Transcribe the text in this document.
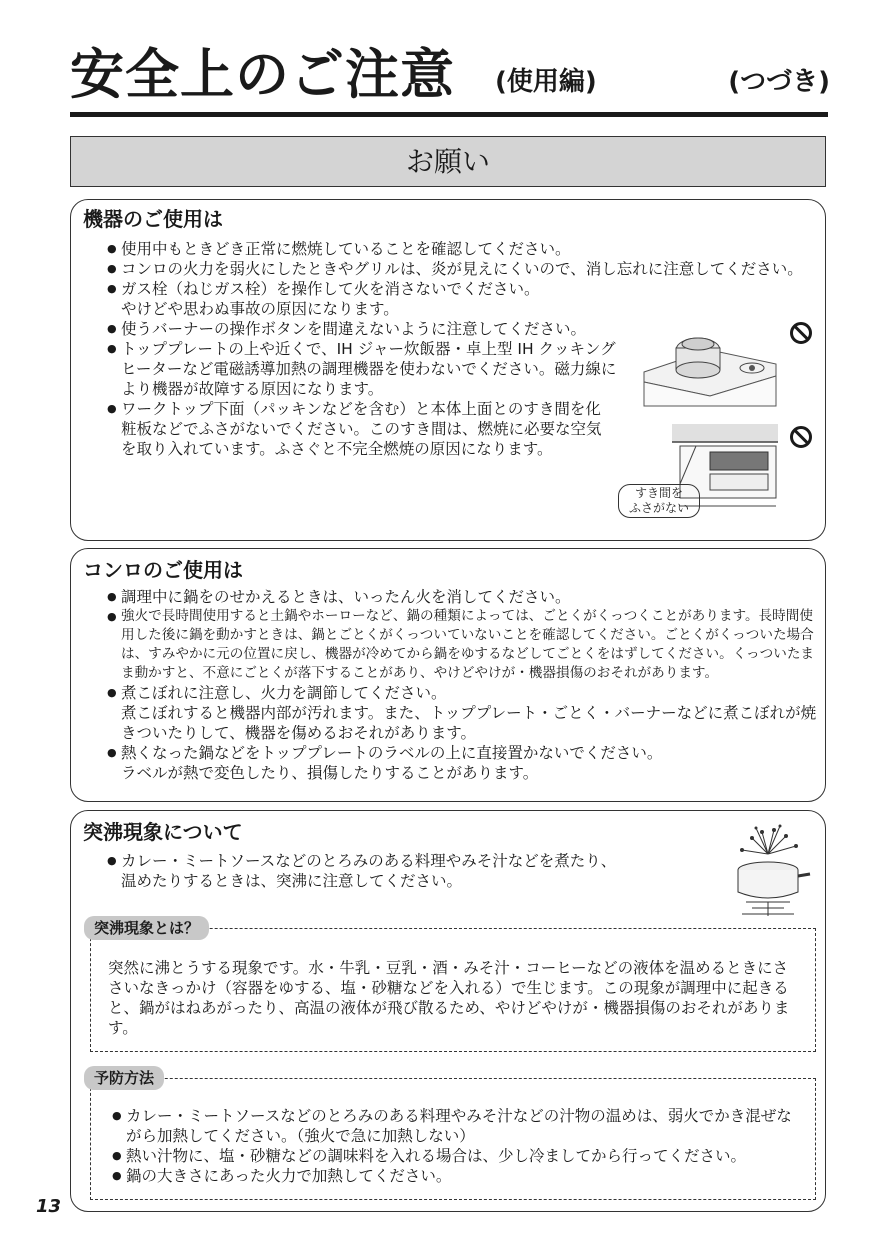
安全上のご注意 (使用編)	(つづき)
お願い
機器のご使用は
● 使用中もときどき正常に燃焼していることを確認してください。
● コンロの火力を弱火にしたときやグリルは、炎が見えにくいので、消し忘れに注意してください。
● ガス栓（ねじガス栓）を操作して火を消さないでください。
やけどや思わぬ事故の原因になります。
● 使うバーナーの操作ボタンを間違えないように注意してください。
● トッププレートの上や近くで、IH ジャー炊飯器・卓上型 IH クッキングヒーターなど電磁誘導加熱の調理機器を使わないでください。磁力線により機器が故障する原因になります。
● ワークトップ下面（パッキンなどを含む）と本体上面とのすき間を化粧板などでふさがないでください。このすき間は、燃焼に必要な空気を取り入れています。ふさぐと不完全燃焼の原因になります。
すき間を
ふさがない
コンロのご使用は
● 調理中に鍋をのせかえるときは、いったん火を消してください。
● 強火で長時間使用すると土鍋やホーローなど、鍋の種類によっては、ごとくがくっつくことがあります。長時間使用した後に鍋を動かすときは、鍋とごとくがくっついていないことを確認してください。ごとくがくっついた場合は、すみやかに元の位置に戻し、機器が冷めてから鍋をゆするなどしてごとくをはずしてください。くっついたまま動かすと、不意にごとくが落下することがあり、やけどやけが・機器損傷のおそれがあります。
● 煮こぼれに注意し、火力を調節してください。
煮こぼれすると機器内部が汚れます。また、トッププレート・ごとく・バーナーなどに煮こぼれが焼きついたりして、機器を傷めるおそれがあります。
● 熱くなった鍋などをトッププレートのラベルの上に直接置かないでください。
ラベルが熱で変色したり、損傷したりすることがあります。
突沸現象について
● カレー・ミートソースなどのとろみのある料理やみそ汁などを煮たり、
温めたりするときは、突沸に注意してください。
突沸現象とは？

突然に沸とうする現象です。水・牛乳・豆乳・酒・みそ汁・コーヒーなどの液体を温めるときにささいなきっかけ（容器をゆする、塩・砂糖などを入れる）で生じます。この現象が調理中に起きると、鍋がはねあがったり、高温の液体が飛び散るため、やけどやけが・機器損傷のおそれがあります。

予防方法
● カレー・ミートソースなどのとろみのある料理やみそ汁などの汁物の温めは、弱火でかき混ぜながら加熱してください。（強火で急に加熱しない）
● 熱い汁物に、塩・砂糖などの調味料を入れる場合は、少し冷ましてから行ってください。
● 鍋の大きさにあった火力で加熱してください。
13
